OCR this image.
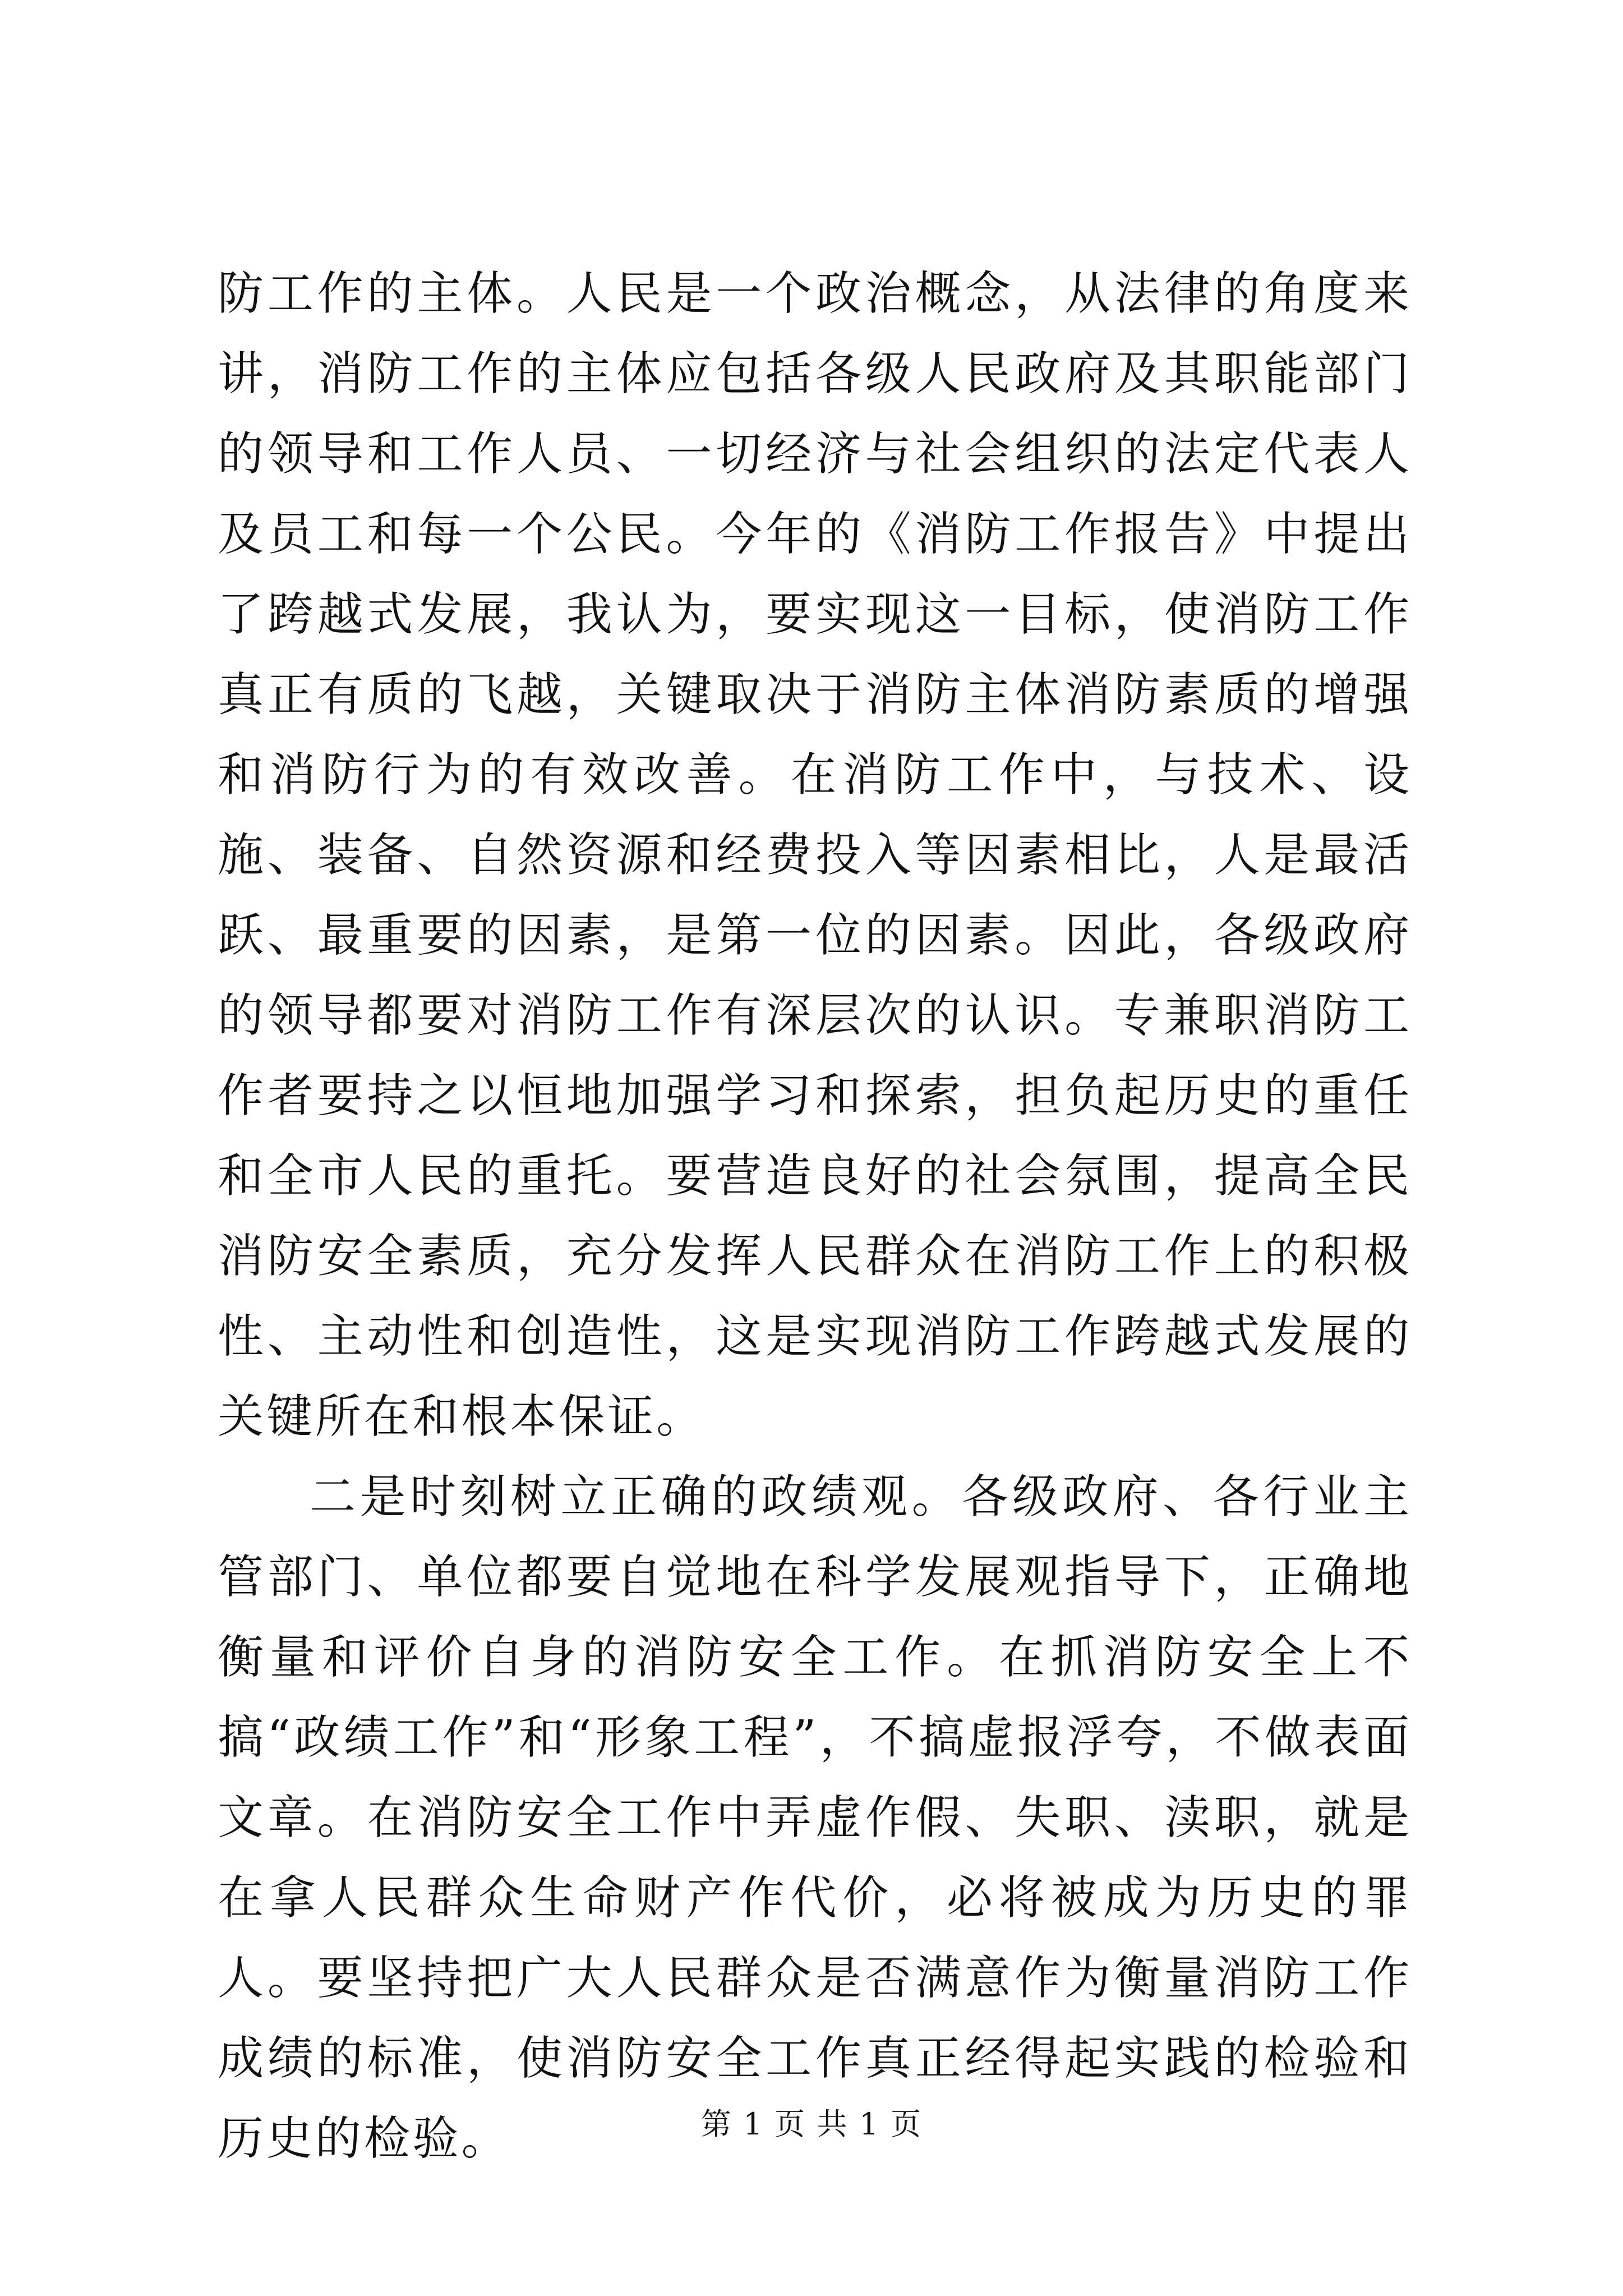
防工作的主体。人民是一个政治概念，从法律的角度来讲，消防工作的主体应包括各级人民政府及其职能部门的领导和工作人员、一切经济与社会组织的法定代表人及员工和每一个公民。今年的《消防工作报告》中提出了跨越式发展，我认为，要实现这一目标，使消防工作真正有质的飞越，关键取决于消防主体消防素质的增强和消防行为的有效改善。在消防工作中，与技术、设施、装备、自然资源和经费投入等因素相比，人是最活跃、最重要的因素，是第一位的因素。因此，各级政府的领导都要对消防工作有深层次的认识。专兼职消防工作者要持之以恒地加强学习和探索，担负起历史的重任和全市人民的重托。要营造良好的社会氛围，提高全民消防安全素质，充分发挥人民群众在消防工作上的积极性、主动性和创造性，这是实现消防工作跨越式发展的关键所在和根本保证。

二是时刻树立正确的政绩观。各级政府、各行业主管部门、单位都要自觉地在科学发展观指导下，正确地衡量和评价自身的消防安全工作。在抓消防安全上不搞“政绩工作”和“形象工程”，不搞虚报浮夸，不做表面文章。在消防安全工作中弄虚作假、失职、渎职，就是在拿人民群众生命财产作代价，必将被成为历史的罪人。要坚持把广大人民群众是否满意作为衡量消防工作成绩的标准，使消防安全工作真正经得起实践的检验和历史的检验。	第 1 页 共 1 页
